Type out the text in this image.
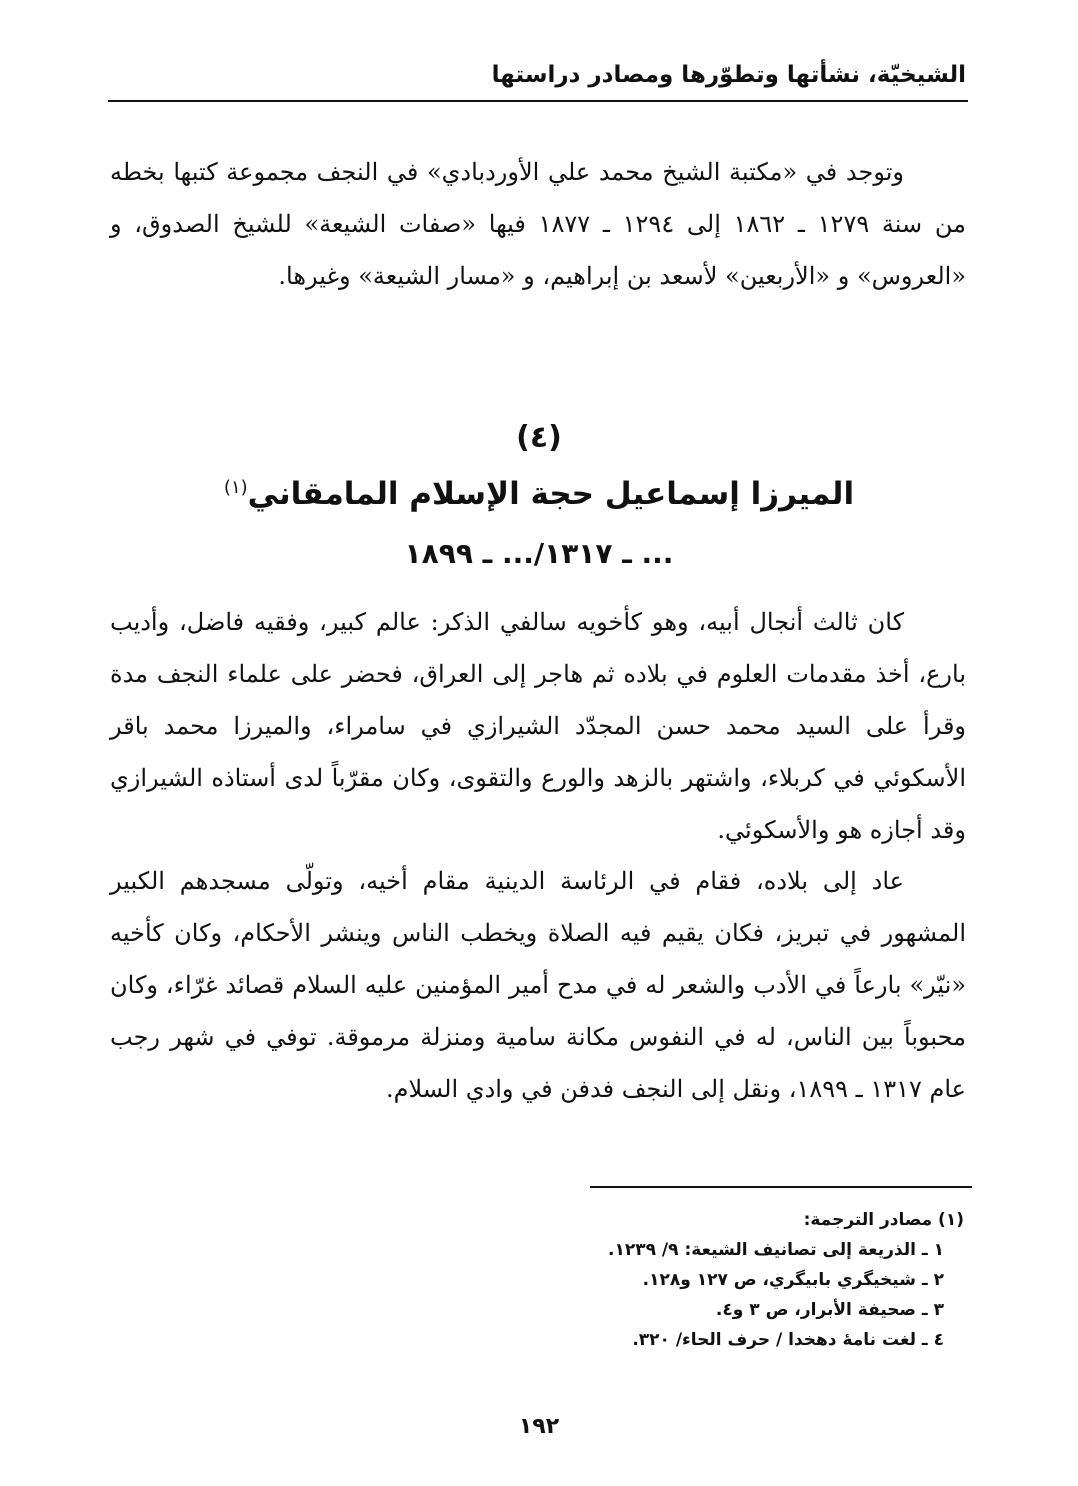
الشيخيّة، نشأتها وتطوّرها ومصادر دراستها

وتوجد في «مكتبة الشيخ محمد علي الأوردبادي» في النجف مجموعة كتبها بخطه من سنة ١٢٧٩ ـ ١٨٦٢ إلى ١٢٩٤ ـ ١٨٧٧ فيها «صفات الشيعة» للشيخ الصدوق، و «العروس» و «الأربعين» لأسعد بن إبراهيم، و «مسار الشيعة» وغيرها.

(٤)
الميرزا إسماعيل حجة الإسلام المامقاني$^{(١)}$
... ـ ١٣١٧/... ـ ١٨٩٩

كان ثالث أنجال أبيه، وهو كأخويه سالفي الذكر: عالم كبير، وفقيه فاضل، وأديب بارع، أخذ مقدمات العلوم في بلاده ثم هاجر إلى العراق، فحضر على علماء النجف مدة وقرأ على السيد محمد حسن المجدّد الشيرازي في سامراء، والميرزا محمد باقر الأسكوئي في كربلاء، واشتهر بالزهد والورع والتقوى، وكان مقرّباً لدى أستاذه الشيرازي وقد أجازه هو والأسكوئي.

عاد إلى بلاده، فقام في الرئاسة الدينية مقام أخيه، وتولّى مسجدهم الكبير المشهور في تبريز، فكان يقيم فيه الصلاة ويخطب الناس وينشر الأحكام، وكان كأخيه «نيّر» بارعاً في الأدب والشعر له في مدح أمير المؤمنين عليه السلام قصائد غرّاء، وكان محبوباً بين الناس، له في النفوس مكانة سامية ومنزلة مرموقة. توفي في شهر رجب عام ١٣١٧ ـ ١٨٩٩، ونقل إلى النجف فدفن في وادي السلام.

(١) مصادر الترجمة:

١ ـ الذريعة إلى تصانيف الشيعة: ٩/ ١٢٣٩.
٢ ـ شيخيگري بابيگري، ص ١٢٧ و١٢٨.
٣ ـ صحيفة الأبرار، ص ٣ و٤.
٤ ـ لغت نامهٔ دهخدا / حرف الحاء/ ٣٢٠.
١٩٢
